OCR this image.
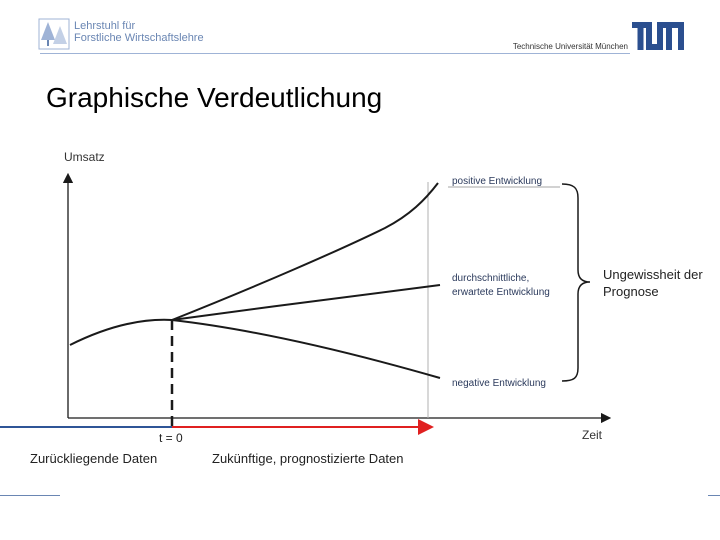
Lehrstuhl für
Forstliche Wirtschaftslehre
Technische Universität München
Graphische Verdeutlichung
Umsatz
Zeit
positive Entwicklung
durchschnittliche,
erwartete Entwicklung
negative Entwicklung
Ungewissheit der
Prognose
t = 0
Zurückliegende Daten	Zukünftige, prognostizierte Daten
